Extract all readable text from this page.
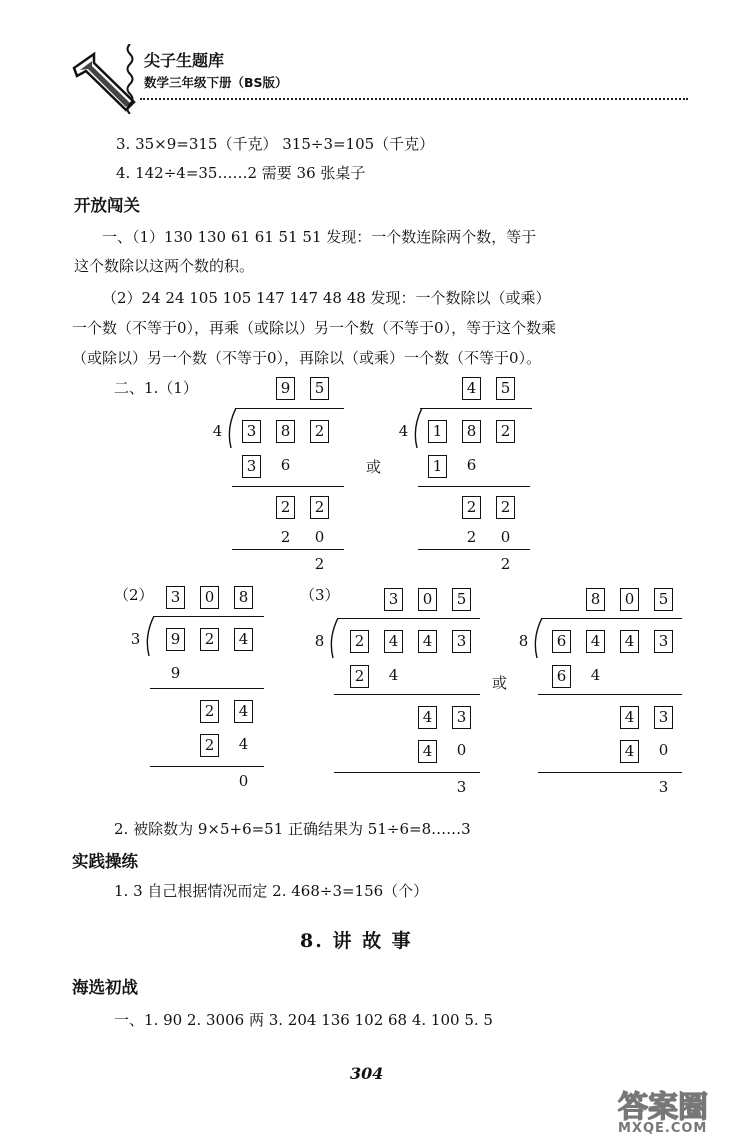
尖子生题库
数学三年级下册（BS版）
3. 35×9=315（千克） 315÷3=105（千克）
4. 142÷4=35……2 需要 36 张桌子
开放闯关
一、（1）130 130 61 61 51 51 发现：一个数连除两个数，等于
这个数除以这两个数的积。
（2）24 24 105 105 147 147 48 48 发现：一个数除以（或乘）
一个数（不等于0），再乘（或除以）另一个数（不等于0），等于这个数乘
（或除以）另一个数（不等于0），再除以（或乘）一个数（不等于0）。
二、1.（1）	9	5
4	3	8	2
3	6
2	2
2	0
2
或
4	5
4	1	8	2
1	6
2	2
2	0
2
（2）	3	0	8
3	9	2	4
9
2	4
2	4
0
（3）	3	0	5
8	2	4	4	3
2	4
4	3
4	0
3
或
8	0	5
8	6	4	4	3
6	4
4	3
4	0
3
2. 被除数为 9×5+6=51 正确结果为 51÷6=8……3
实践操练
1. 3 自己根据情况而定 2. 468÷3=156（个）
8. 讲 故 事
海选初战
一、1. 90 2. 3006 两 3. 204 136 102 68 4. 100 5. 5
304
答案圈
MXQE.COM
